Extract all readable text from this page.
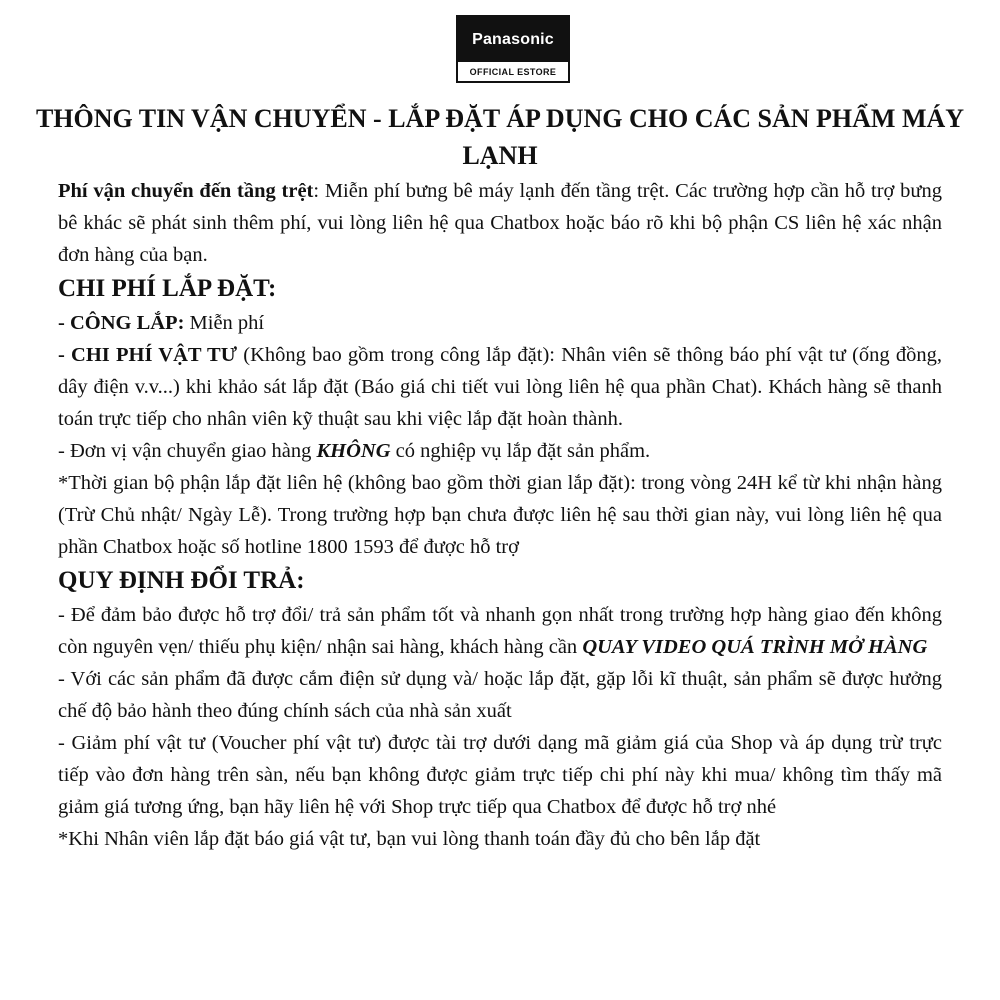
Panasonic
OFFICIAL ESTORE
THÔNG TIN VẬN CHUYỂN - LẮP ĐẶT ÁP DỤNG CHO CÁC SẢN PHẨM MÁY LẠNH

Phí vận chuyển đến tầng trệt: Miễn phí bưng bê máy lạnh đến tầng trệt. Các trường hợp cần hỗ trợ bưng bê khác sẽ phát sinh thêm phí, vui lòng liên hệ qua Chatbox hoặc báo rõ khi bộ phận CS liên hệ xác nhận đơn hàng của bạn.

CHI PHÍ LẮP ĐẶT:

- CÔNG LẮP: Miễn phí

- CHI PHÍ VẬT TƯ (Không bao gồm trong công lắp đặt): Nhân viên sẽ thông báo phí vật tư (ống đồng, dây điện v.v...) khi khảo sát lắp đặt (Báo giá chi tiết vui lòng liên hệ qua phần Chat). Khách hàng sẽ thanh toán trực tiếp cho nhân viên kỹ thuật sau khi việc lắp đặt hoàn thành.

- Đơn vị vận chuyển giao hàng KHÔNG có nghiệp vụ lắp đặt sản phẩm.

*Thời gian bộ phận lắp đặt liên hệ (không bao gồm thời gian lắp đặt): trong vòng 24H kể từ khi nhận hàng (Trừ Chủ nhật/ Ngày Lễ). Trong trường hợp bạn chưa được liên hệ sau thời gian này, vui lòng liên hệ qua phần Chatbox hoặc số hotline 1800 1593 để được hỗ trợ

QUY ĐỊNH ĐỔI TRẢ:

- Để đảm bảo được hỗ trợ đổi/ trả sản phẩm tốt và nhanh gọn nhất trong trường hợp hàng giao đến không còn nguyên vẹn/ thiếu phụ kiện/ nhận sai hàng, khách hàng cần QUAY VIDEO QUÁ TRÌNH MỞ HÀNG

- Với các sản phẩm đã được cắm điện sử dụng và/ hoặc lắp đặt, gặp lỗi kĩ thuật, sản phẩm sẽ được hưởng chế độ bảo hành theo đúng chính sách của nhà sản xuất

- Giảm phí vật tư (Voucher phí vật tư) được tài trợ dưới dạng mã giảm giá của Shop và áp dụng trừ trực tiếp vào đơn hàng trên sàn, nếu bạn không được giảm trực tiếp chi phí này khi mua/ không tìm thấy mã giảm giá tương ứng, bạn hãy liên hệ với Shop trực tiếp qua Chatbox để được hỗ trợ nhé

*Khi Nhân viên lắp đặt báo giá vật tư, bạn vui lòng thanh toán đầy đủ cho bên lắp đặt
